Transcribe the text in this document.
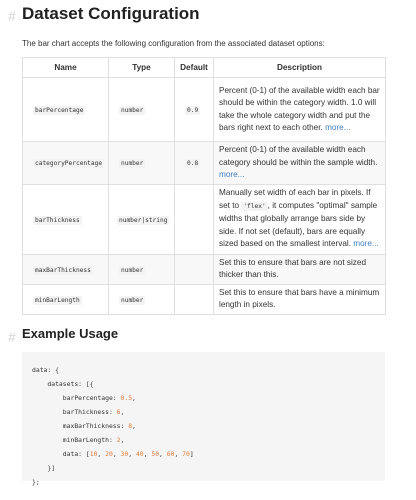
# Dataset Configuration

The bar chart accepts the following configuration from the associated dataset options:

Name	Type	Default	Description
barPercentage	number	0.9	Percent (0-1) of the available width each bar should be within the category width. 1.0 will take the whole category width and put the bars right next to each other. more...
categoryPercentage	number	0.8	Percent (0-1) of the available width each category should be within the sample width. more...
barThickness	number|string		Manually set width of each bar in pixels. If set to 'flex' , it computes "optimal" sample widths that globally arrange bars side by side. If not set (default), bars are equally sized based on the smallest interval. more...
maxBarThickness	number		Set this to ensure that bars are not sized thicker than this.
minBarLength	number		Set this to ensure that bars have a minimum length in pixels.
# Example Usage
data: {
datasets: [{
barPercentage: 0.5,
barThickness: 6,
maxBarThickness: 8,
minBarLength: 2,
data: [10, 20, 30, 40, 50, 60, 70]
}]
};
